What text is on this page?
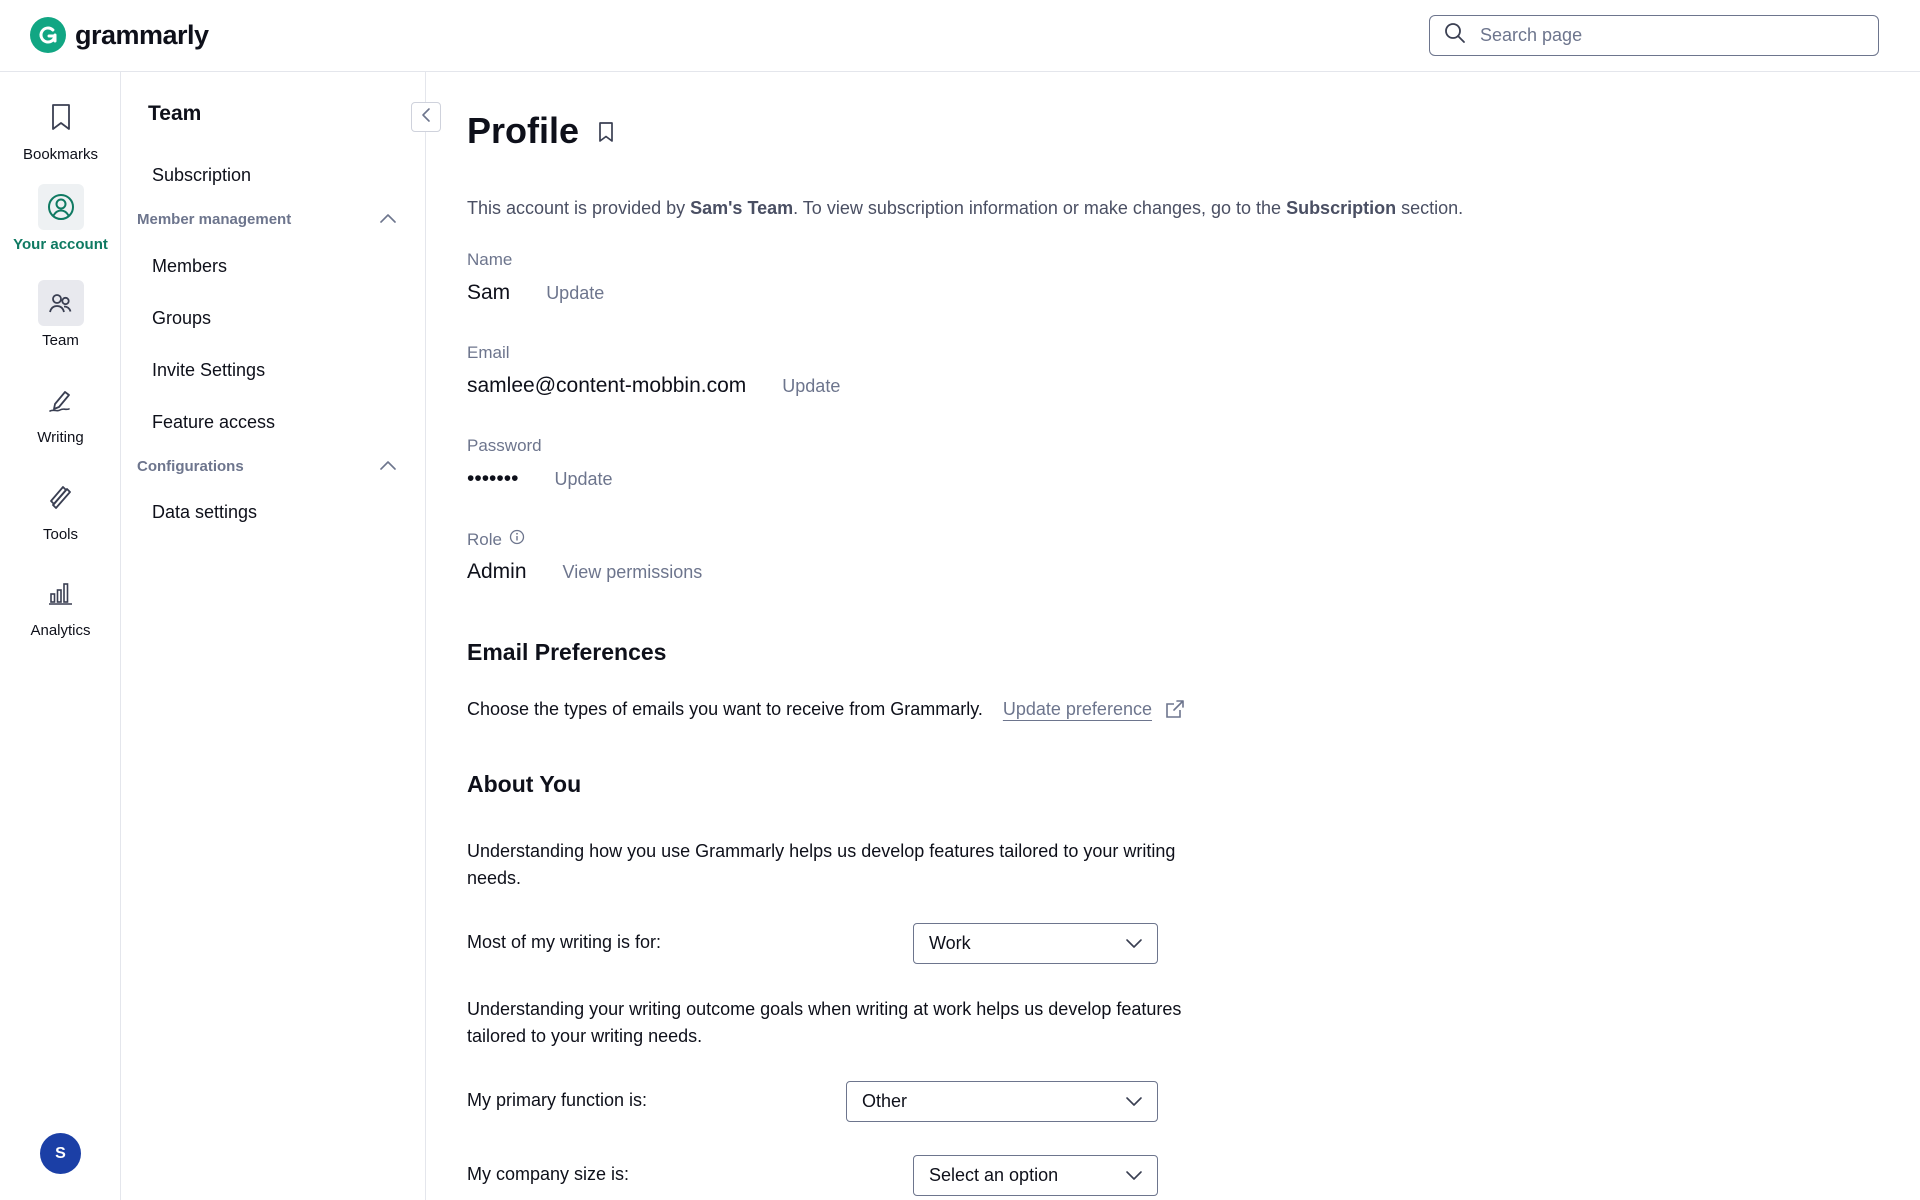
grammarly
Search page
Bookmarks
Your account
Team
Writing
Tools
Analytics
S
Team
Subscription
Member management
Members
Groups
Invite Settings
Feature access
Configurations
Data settings
Profile
This account is provided by Sam's Team. To view subscription information or make changes, go to the Subscription section.
Name
Sam Update
Email
samlee@content-mobbin.com Update
Password
••••••• Update
Role
Admin View permissions
Email Preferences
Choose the types of emails you want to receive from Grammarly. Update preference
About You
Understanding how you use Grammarly helps us develop features tailored to your writing needs.
Most of my writing is for:	Work
Understanding your writing outcome goals when writing at work helps us develop features tailored to your writing needs.
My primary function is:	Other
My company size is:	Select an option
